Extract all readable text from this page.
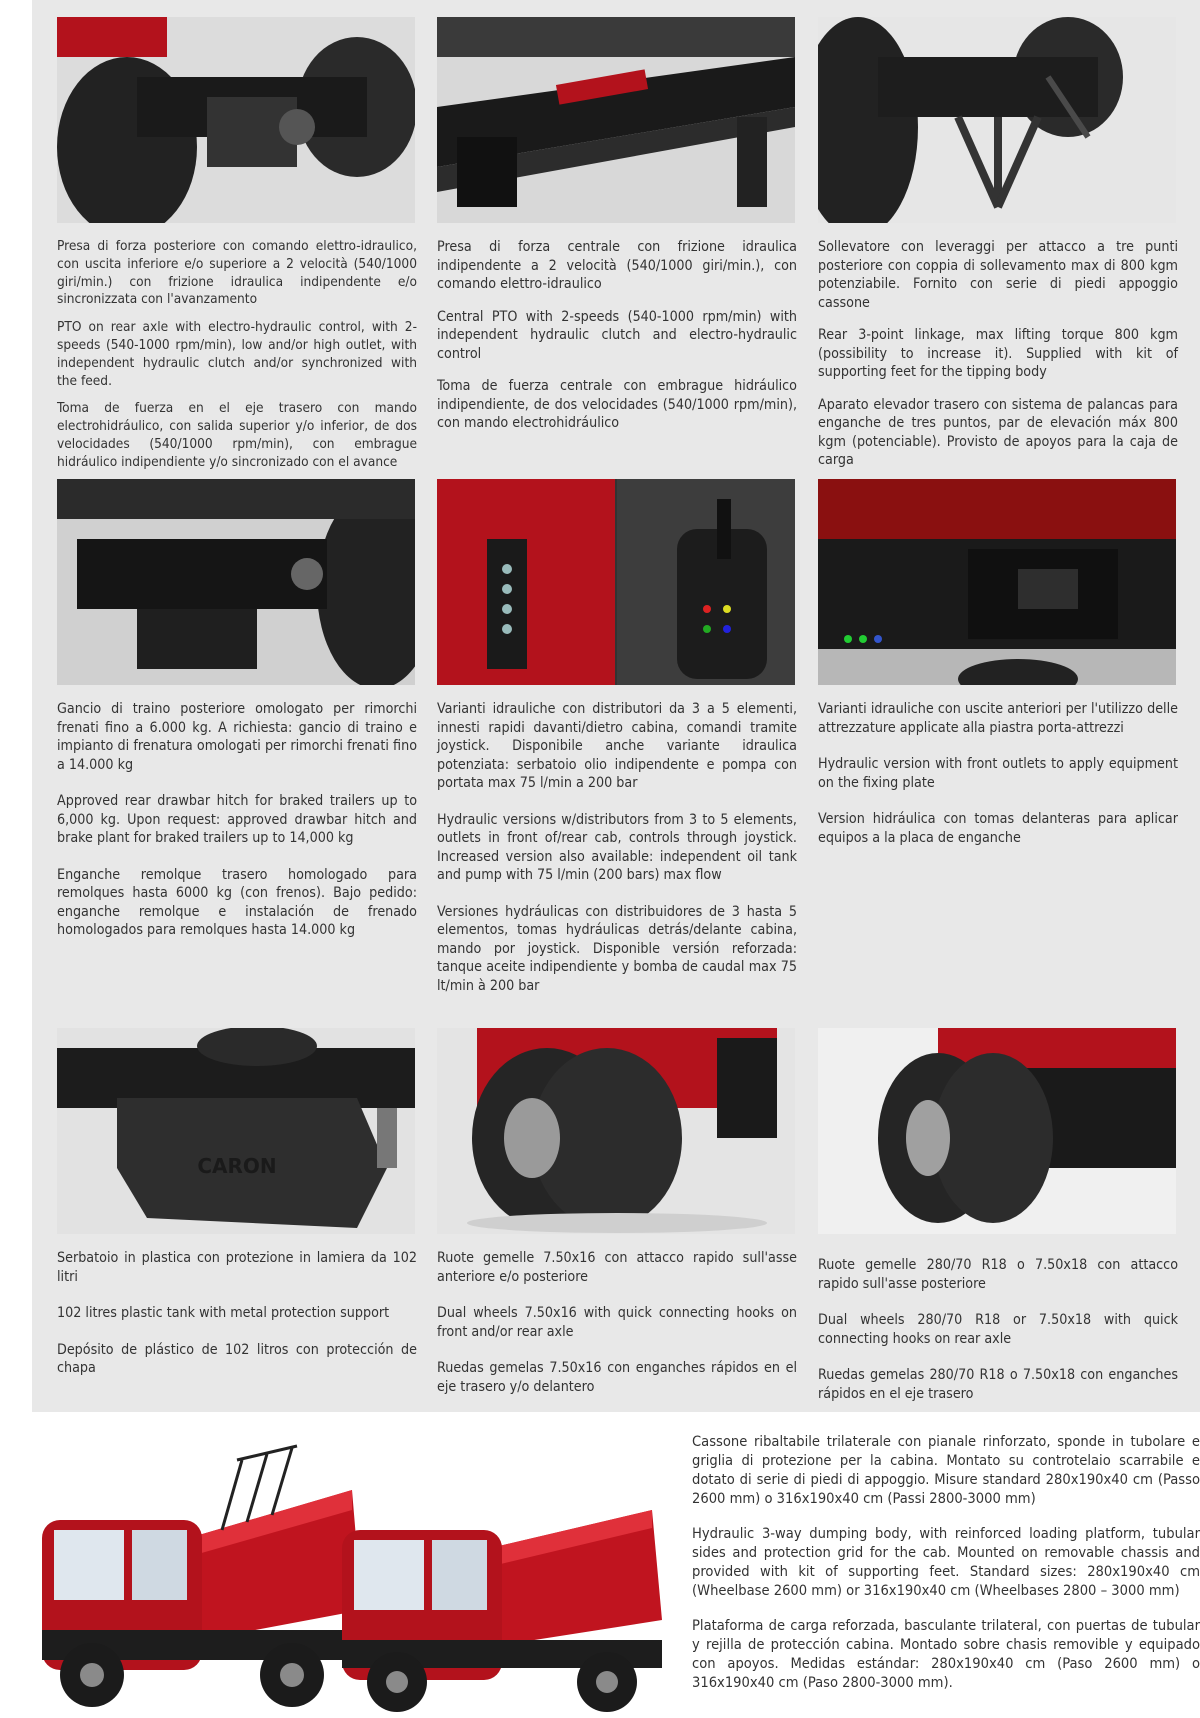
Presa di forza posteriore con comando elettro-idraulico, con uscita inferiore e/o superiore a 2 velocità (540/1000 giri/min.) con frizione idraulica indipendente e/o sincronizzata con l'avanzamento

PTO on rear axle with electro-hydraulic control, with 2-speeds (540-1000 rpm/min), low and/or high outlet, with independent hydraulic clutch and/or synchronized with the feed.

Toma de fuerza en el eje trasero con mando electrohidráulico, con salida superior y/o inferior, de dos velocidades (540/1000 rpm/min), con embrague hidráulico indipendiente y/o sincronizado con el avance

Presa di forza centrale con frizione idraulica indipendente a 2 velocità (540/1000 giri/min.), con comando elettro-idraulico

Central PTO with 2-speeds (540-1000 rpm/min) with independent hydraulic clutch and electro-hydraulic control

Toma de fuerza centrale con embrague hidráulico indipendiente, de dos velocidades (540/1000 rpm/min), con mando electrohidráulico

Sollevatore con leveraggi per attacco a tre punti posteriore con coppia di sollevamento max di 800 kgm potenziabile. Fornito con serie di piedi appoggio cassone

Rear 3-point linkage, max lifting torque 800 kgm (possibility to increase it). Supplied with kit of supporting feet for the tipping body

Aparato elevador trasero con sistema de palancas para enganche de tres puntos, par de elevación máx 800 kgm (potenciable). Provisto de apoyos para la caja de carga

Gancio di traino posteriore omologato per rimorchi frenati fino a 6.000 kg. A richiesta: gancio di traino e impianto di frenatura omologati per rimorchi frenati fino a 14.000 kg

Approved rear drawbar hitch for braked trailers up to 6,000 kg. Upon request: approved drawbar hitch and brake plant for braked trailers up to 14,000 kg

Enganche remolque trasero homologado para remolques hasta 6000 kg (con frenos). Bajo pedido: enganche remolque e instalación de frenado homologados para remolques hasta 14.000 kg

Varianti idrauliche con distributori da 3 a 5 elementi, innesti rapidi davanti/dietro cabina, comandi tramite joystick. Disponibile anche variante idraulica potenziata: serbatoio olio indipendente e pompa con portata max 75 l/min a 200 bar

Hydraulic versions w/distributors from 3 to 5 elements, outlets in front of/rear cab, controls through joystick. Increased version also available: independent oil tank and pump with 75 l/min (200 bars) max flow

Versiones hydráulicas con distribuidores de 3 hasta 5 elementos, tomas hydráulicas detrás/delante cabina, mando por joystick. Disponible versión reforzada: tanque aceite indipendiente y bomba de caudal max 75 lt/min à 200 bar

Varianti idrauliche con uscite anteriori per l'utilizzo delle attrezzature applicate alla piastra porta-attrezzi

Hydraulic version with front outlets to apply equipment on the fixing plate

Version hidráulica con tomas delanteras para aplicar equipos a la placa de enganche

CARON

Serbatoio in plastica con protezione in lamiera da 102 litri

102 litres plastic tank with metal protection support

Depósito de plástico de 102 litros con protección de chapa

Ruote gemelle 7.50x16 con attacco rapido sull'asse anteriore e/o posteriore

Dual wheels 7.50x16 with quick connecting hooks on front and/or rear axle

Ruedas gemelas 7.50x16 con enganches rápidos en el eje trasero y/o delantero

Ruote gemelle 280/70 R18 o 7.50x18 con attacco rapido sull'asse posteriore

Dual wheels 280/70 R18 or 7.50x18 with quick connecting hooks on rear axle

Ruedas gemelas 280/70 R18 o 7.50x18 con enganches rápidos en el eje trasero

Cassone ribaltabile trilaterale con pianale rinforzato, sponde in tubolare e griglia di protezione per la cabina. Montato su controtelaio scarrabile e dotato di serie di piedi di appoggio. Misure standard 280x190x40 cm (Passo 2600 mm) o 316x190x40 cm (Passi 2800-3000 mm)

Hydraulic 3-way dumping body, with reinforced loading platform, tubular sides and protection grid for the cab. Mounted on removable chassis and provided with kit of supporting feet. Standard sizes: 280x190x40 cm (Wheelbase 2600 mm) or 316x190x40 cm (Wheelbases 2800 – 3000 mm)

Plataforma de carga reforzada, basculante trilateral, con puertas de tubular y rejilla de protección cabina. Montado sobre chasis removible y equipado con apoyos. Medidas estándar: 280x190x40 cm (Paso 2600 mm) o 316x190x40 cm (Paso 2800-3000 mm).
